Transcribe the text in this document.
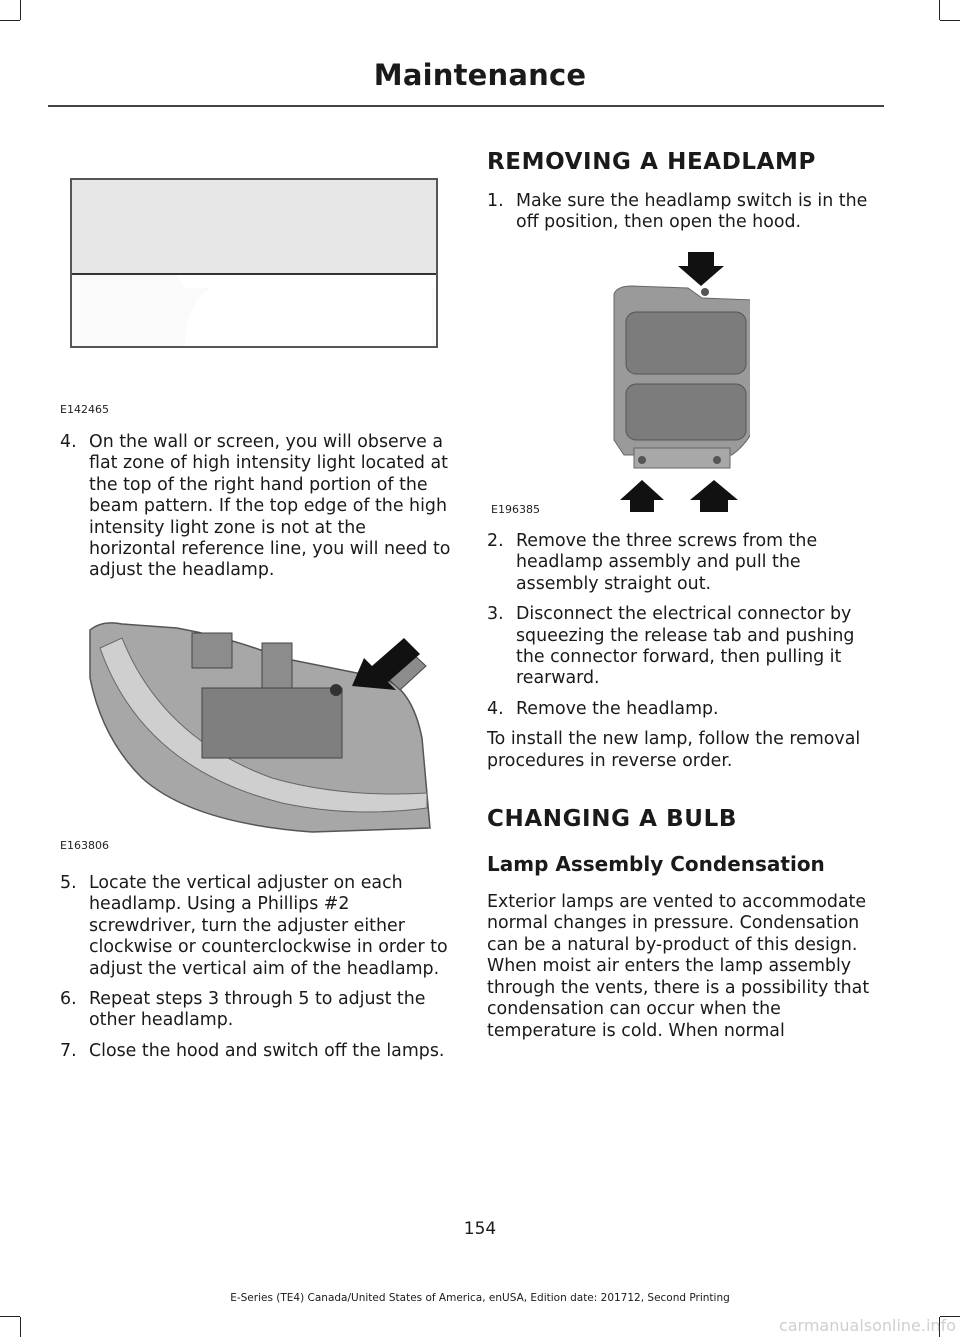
Maintenance
E142465

4. On the wall or screen, you will observe a flat zone of high intensity light located at the top of the right hand portion of the beam pattern. If the top edge of the high intensity light zone is not at the horizontal reference line, you will need to adjust the headlamp.

E163806

5. Locate the vertical adjuster on each headlamp. Using a Phillips #2 screwdriver, turn the adjuster either clockwise or counterclockwise in order to adjust the vertical aim of the headlamp.

6. Repeat steps 3 through 5 to adjust the other headlamp.

7. Close the hood and switch off the lamps.

REMOVING A HEADLAMP

1. Make sure the headlamp switch is in the off position, then open the hood.

E196385

2. Remove the three screws from the headlamp assembly and pull the assembly straight out.

3. Disconnect the electrical connector by squeezing the release tab and pushing the connector forward, then pulling it rearward.

4. Remove the headlamp.

To install the new lamp, follow the removal procedures in reverse order.

CHANGING A BULB
Lamp Assembly Condensation

Exterior lamps are vented to accommodate normal changes in pressure. Condensation can be a natural by-product of this design. When moist air enters the lamp assembly through the vents, there is a possibility that condensation can occur when the temperature is cold. When normal

154
E-Series (TE4) Canada/United States of America, enUSA, Edition date: 201712, Second Printing
carmanualsonline.info
